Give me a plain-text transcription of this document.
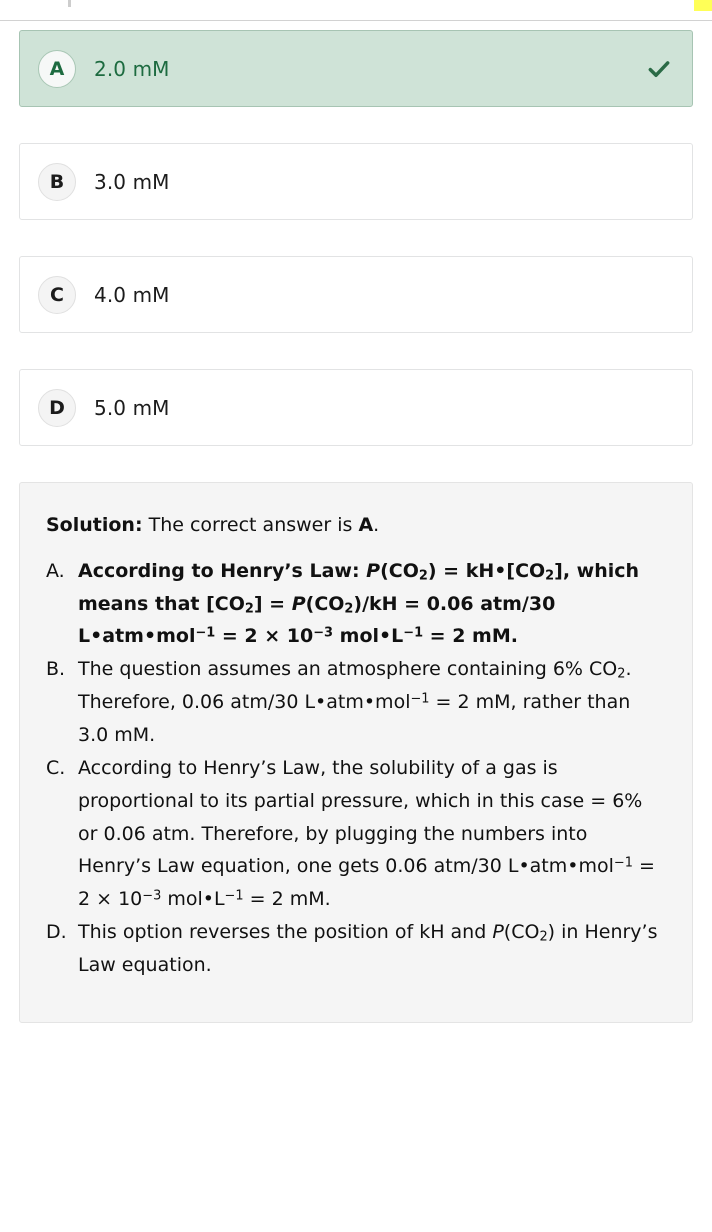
A	2.0 mM
B	3.0 mM
C	4.0 mM
D	5.0 mM
Solution: The correct answer is A.
A. According to Henry’s Law: $P(CO_2)$ = $kH•[CO_2]$, which means that $[CO_2] = P(CO_2)/kH = 0.06$ atm/30 L•atm•mol$^{-1}$ = $2 \times 10^{-3}$ $mol•L^{-1} = 2$ mM.
B. The question assumes an atmosphere containing 6% $CO_2$. Therefore, 0.06 atm/30 L•atm•mol$^{-1}$ = 2 mM, rather than 3.0 mM.
C. According to Henry’s Law, the solubility of a gas is proportional to its partial pressure, which in this case = 6% or 0.06 atm. Therefore, by plugging the numbers into Henry’s Law equation, one gets 0.06 atm/30 L•atm•mol$^{-1}$ = $2 \times 10^{-3}$ $mol•L^{-1} = 2$ mM.
D. This option reverses the position of kH and $P(CO_2)$ in Henry’s Law equation.
